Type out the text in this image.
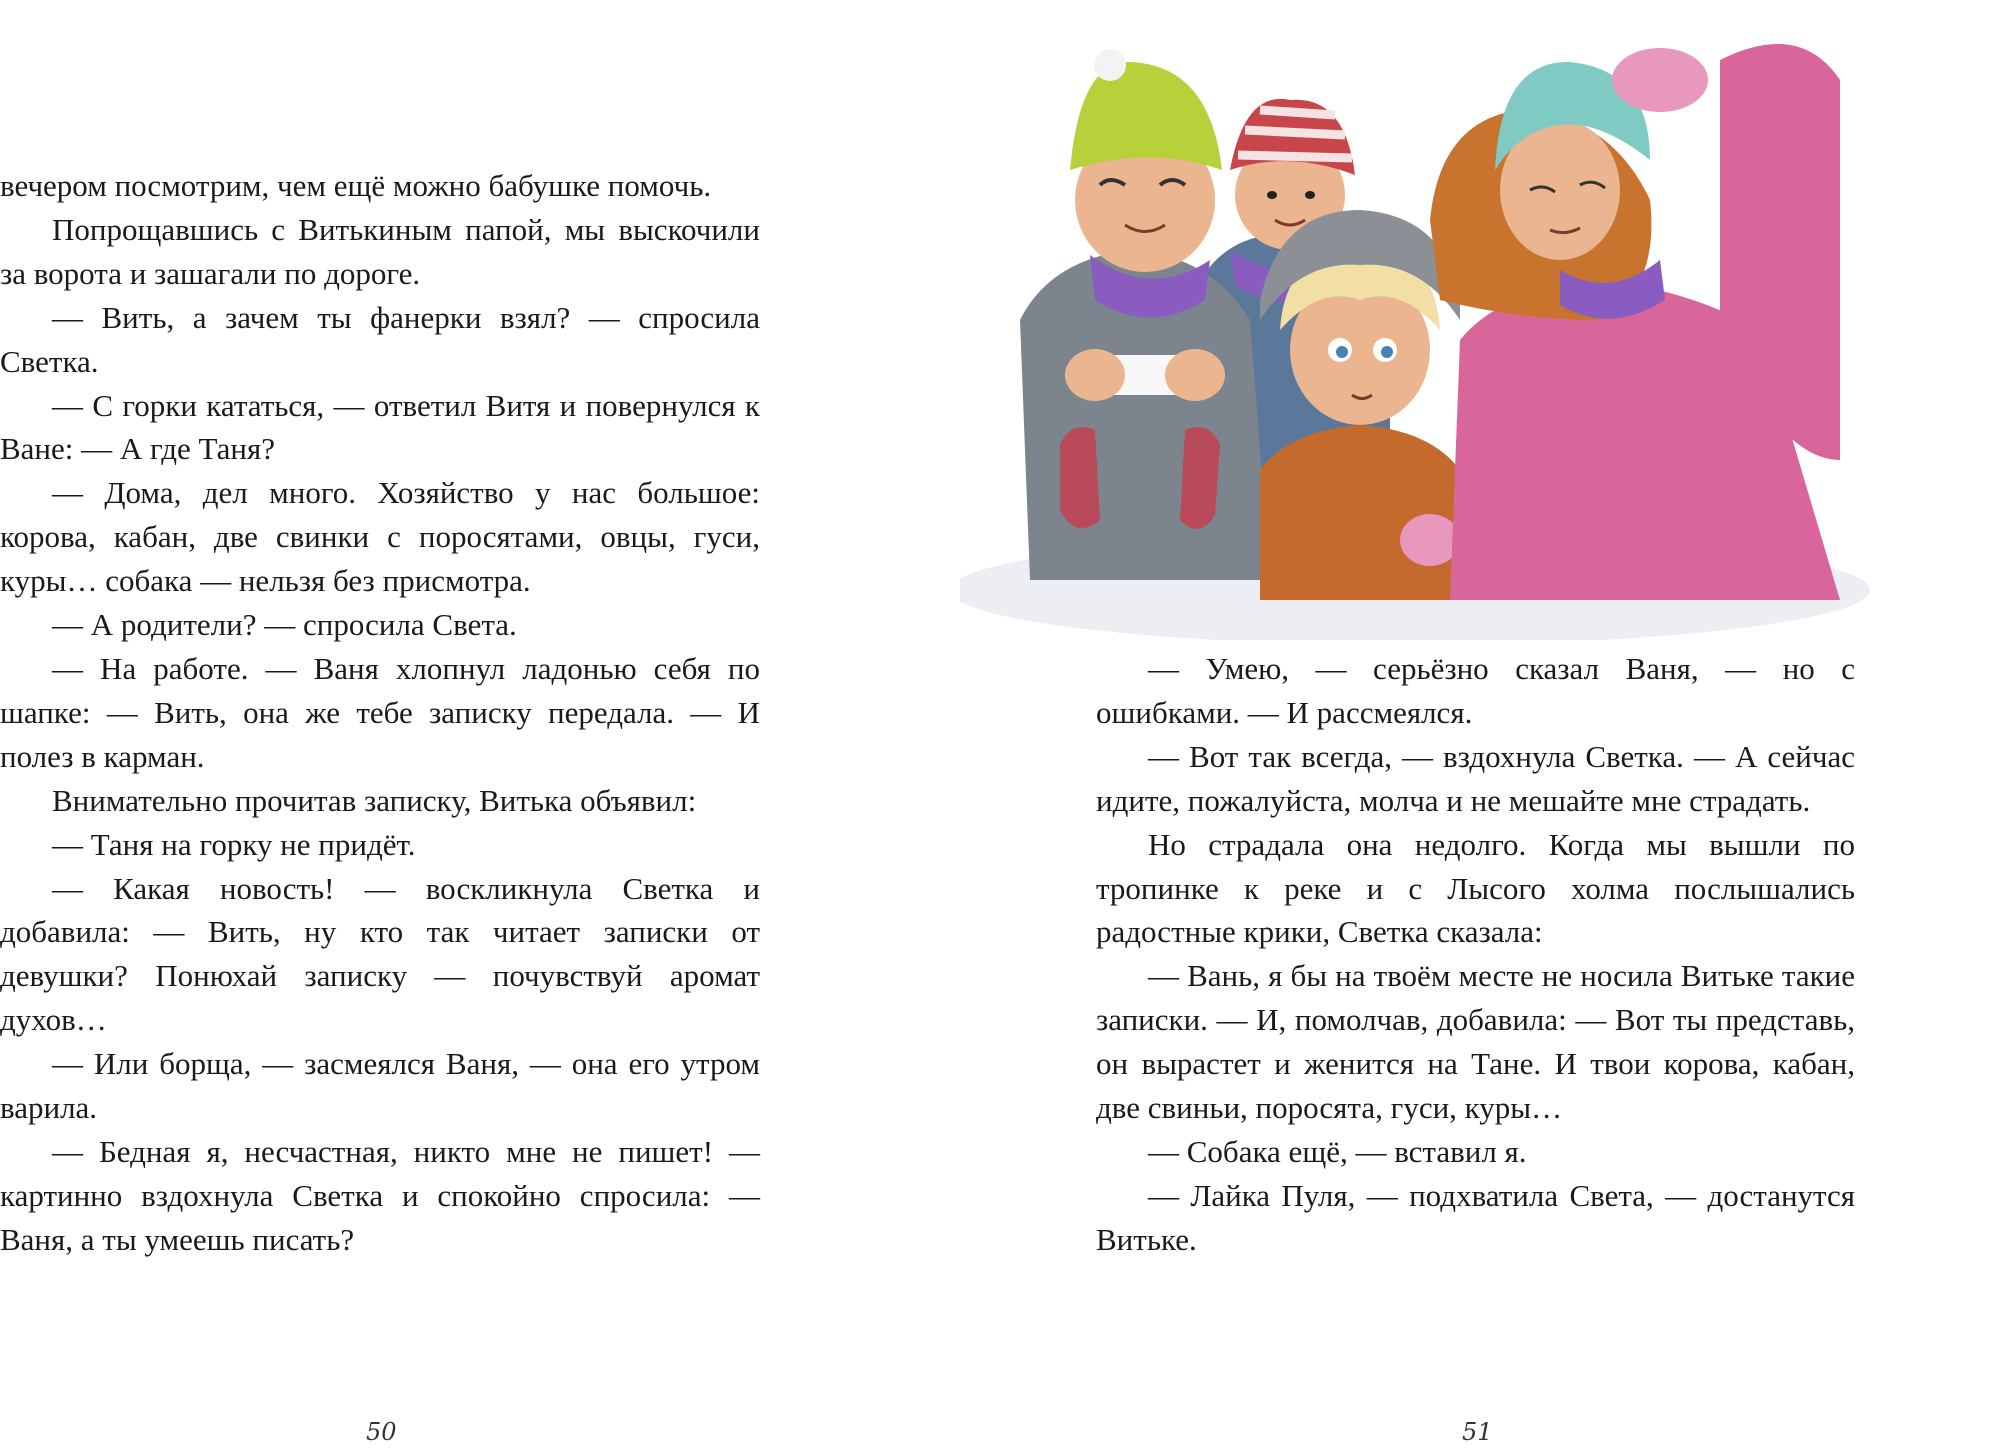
вечером посмотрим, чем ещё можно бабушке помочь.

Попрощавшись с Витькиным папой, мы выскочили за ворота и зашагали по дороге.

— Вить, а зачем ты фанерки взял? — спросила Светка.

— С горки кататься, — ответил Витя и повернулся к Ване: — А где Таня?

— Дома, дел много. Хозяйство у нас большое: корова, кабан, две свинки с поросятами, овцы, гуси, куры… собака — нельзя без присмотра.

— А родители? — спросила Света.

— На работе. — Ваня хлопнул ладонью себя по шапке: — Вить, она же тебе записку передала. — И полез в карман.

Внимательно прочитав записку, Витька объявил:

— Таня на горку не придёт.

— Какая новость! — воскликнула Светка и добавила: — Вить, ну кто так читает записки от девушки? Понюхай записку — почувствуй аромат духов…

— Или борща, — засмеялся Ваня, — она его утром варила.

— Бедная я, несчастная, никто мне не пишет! — картинно вздохнула Светка и спокойно спросила: — Ваня, а ты умеешь писать?

50

— Умею, — серьёзно сказал Ваня, — но с ошибками. — И рассмеялся.

— Вот так всегда, — вздохнула Светка. — А сейчас идите, пожалуйста, молча и не мешайте мне страдать.

Но страдала она недолго. Когда мы вышли по тропинке к реке и с Лысого холма послышались радостные крики, Светка сказала:

— Вань, я бы на твоём месте не носила Витьке такие записки. — И, помолчав, добавила: — Вот ты представь, он вырастет и женится на Тане. И твои корова, кабан, две свиньи, поросята, гуси, куры…

— Собака ещё, — вставил я.

— Лайка Пуля, — подхватила Света, — достанутся Витьке.

51
